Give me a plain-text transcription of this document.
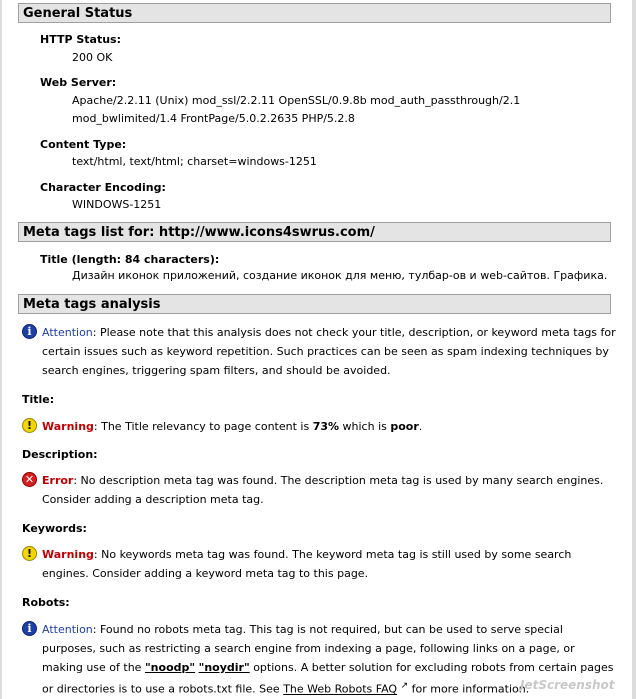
General Status
HTTP Status:
200 OK
Web Server:
Apache/2.2.11 (Unix) mod_ssl/2.2.11 OpenSSL/0.9.8b mod_auth_passthrough/2.1
mod_bwlimited/1.4 FrontPage/5.0.2.2635 PHP/5.2.8
Content Type:
text/html, text/html; charset=windows-1251
Character Encoding:
WINDOWS-1251
Meta tags list for: http://www.icons4swrus.com/
Title (length: 84 characters):
Дизайн иконок приложений, создание иконок для меню, тулбар-ов и web-сайтов. Графика.
Meta tags analysis
i Attention: Please note that this analysis does not check your title, description, or keyword meta tags for certain issues such as keyword repetition. Such practices can be seen as spam indexing techniques by search engines, triggering spam filters, and should be avoided.
Title:
! Warning: The Title relevancy to page content is 73% which is poor.
Description:
✕ Error: No description meta tag was found. The description meta tag is used by many search engines. Consider adding a description meta tag.
Keywords:
! Warning: No keywords meta tag was found. The keyword meta tag is still used by some search engines. Consider adding a keyword meta tag to this page.
Robots:
i Attention: Found no robots meta tag. This tag is not required, but can be used to serve special purposes, such as restricting a search engine from indexing a page, following links on a page, or making use of the "noodp" "noydir" options. A better solution for excluding robots from certain pages or directories is to use a robots.txt file. See The Web Robots FAQ ↗ for more information.
JetScreenshot
